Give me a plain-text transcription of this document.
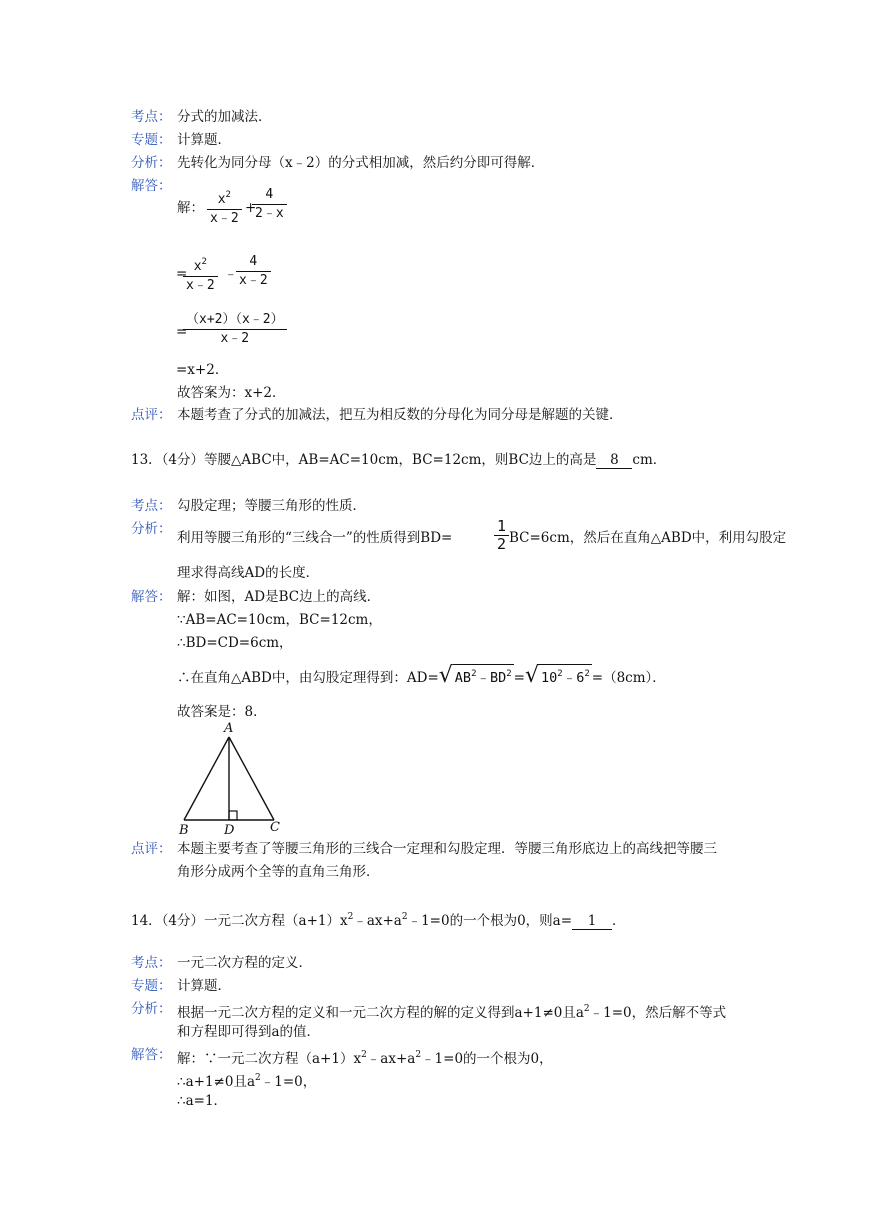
考点： 分式的加减法．
专题： 计算题．
分析： 先转化为同分母（x﹣2）的分式相加减，然后约分即可得解．
解答：
解：
$x^2$
x﹣2
+
4
2﹣x
= $x^2$
x﹣2
﹣
4
x﹣2
=
（x+2）（x﹣2）
x﹣2
=x+2．
故答案为：x+2．
点评： 本题考查了分式的加减法，把互为相反数的分母化为同分母是解题的关键．
13．（4分）等腰△ABC中，AB=AC=10cm，BC=12cm，则BC边上的高是 8 cm．
考点： 勾股定理；等腰三角形的性质．
分析：
利用等腰三角形的“三线合一”的性质得到BD=
1
2 BC=6cm，然后在直角△ABD中，利用勾股定
理求得高线AD的长度．
解答： 解：如图，AD是BC边上的高线．
∵AB=AC=10cm，BC=12cm，
∴BD=CD=6cm，
∴在直角△ABD中，由勾股定理得到：AD= √ $AB^2﹣BD^2$ = √ $10^2﹣6^2 =(8cm)$．
故答案是：8．
A
B	D	C
点评： 本题主要考查了等腰三角形的三线合一定理和勾股定理．等腰三角形底边上的高线把等腰三
角形分成两个全等的直角三角形．
14．（4分）一元二次方程$(a+1)x^2﹣ax+a^2﹣1=0$的一个根为0，则a= 1 ．
考点： 一元二次方程的定义．
专题： 计算题．
分析： 根据一元二次方程的定义和一元二次方程的解的定义得到a+1≠0且$a^2﹣1=0$，然后解不等式
和方程即可得到a的值．
解答： 解：∵一元二次方程$(a+1)x^2﹣ax+a^2﹣1=0$的一个根为0，
∴a+1≠0且$a^2﹣1=0$，
∴a=1．
